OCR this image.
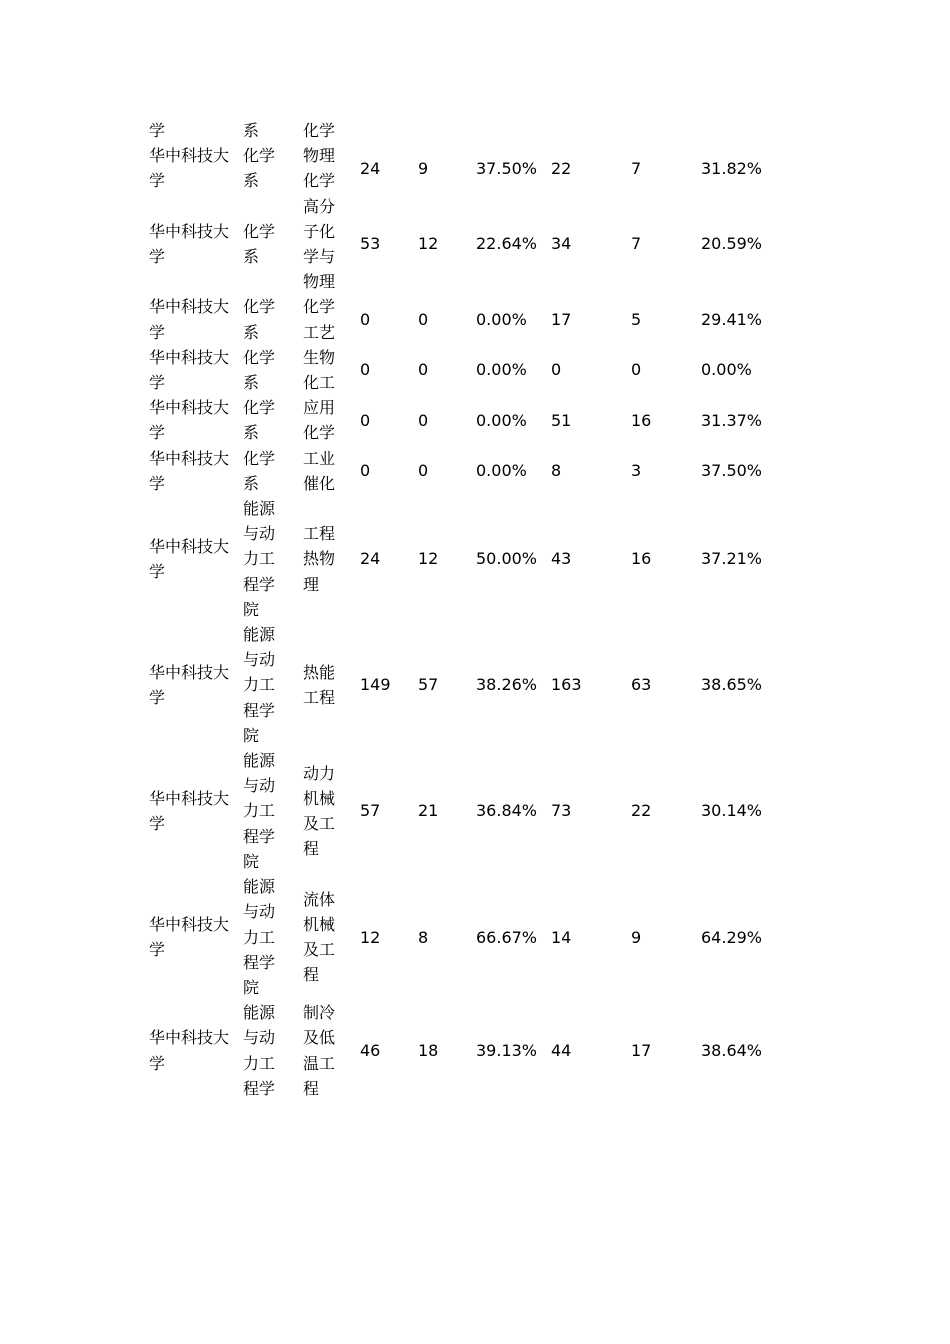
学	系	化学						

华中科技大学	化学系	物理化学	24	9	37.50%	22	7	31.82%

华中科技大学	化学系	高分子化学与物理	53	12	22.64%	34	7	20.59%

华中科技大学	化学系	化学工艺	0	0	0.00%	17	5	29.41%

华中科技大学	化学系	生物化工	0	0	0.00%	0	0	0.00%

华中科技大学	化学系	应用化学	0	0	0.00%	51	16	31.37%

华中科技大学	化学系	工业催化	0	0	0.00%	8	3	37.50%

华中科技大学	能源与动力工程学院	工程热物理	24	12	50.00%	43	16	37.21%

华中科技大学	能源与动力工程学院	热能工程	149	57	38.26%	163	63	38.65%

华中科技大学	能源与动力工程学院	动力机械及工程	57	21	36.84%	73	22	30.14%

华中科技大学	能源与动力工程学院	流体机械及工程	12	8	66.67%	14	9	64.29%

华中科技大学	能源与动力工程学	制冷及低温工程	46	18	39.13%	44	17	38.64%
